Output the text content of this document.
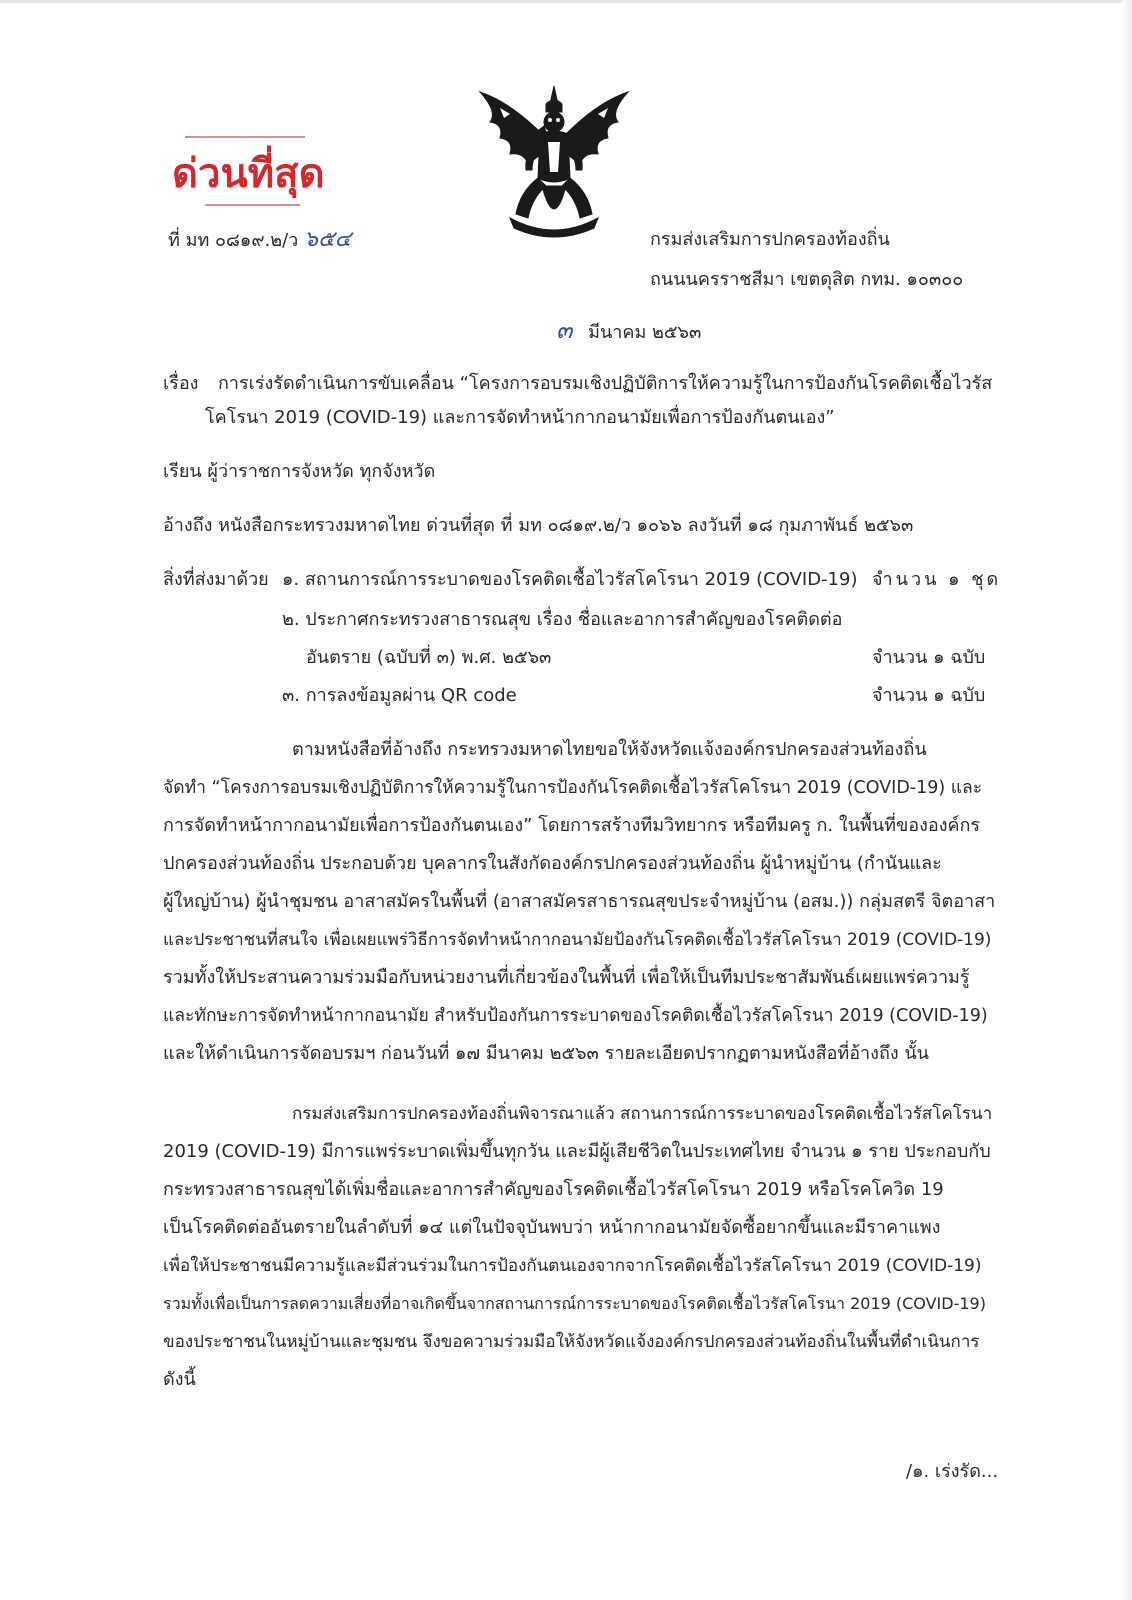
ด่วนที่สุด
ที่ มท ๐๘๑๙.๒/ว ๖๕๔	กรมส่งเสริมการปกครองท้องถิ่น
ถนนนครราชสีมา เขตดุสิต กทม. ๑๐๓๐๐
๓ มีนาคม ๒๕๖๓
เรื่อง การเร่งรัดดำเนินการขับเคลื่อน “โครงการอบรมเชิงปฏิบัติการให้ความรู้ในการป้องกันโรคติดเชื้อไวรัส
โคโรนา 2019 (COVID-19) และการจัดทำหน้ากากอนามัยเพื่อการป้องกันตนเอง”
เรียน ผู้ว่าราชการจังหวัด ทุกจังหวัด
อ้างถึง หนังสือกระทรวงมหาดไทย ด่วนที่สุด ที่ มท ๐๘๑๙.๒/ว ๑๐๖๖ ลงวันที่ ๑๘ กุมภาพันธ์ ๒๕๖๓
สิ่งที่ส่งมาด้วย ๑. สถานการณ์การระบาดของโรคติดเชื้อไวรัสโคโรนา 2019 (COVID-19) จำนวน ๑ ชุด
๒. ประกาศกระทรวงสาธารณสุข เรื่อง ชื่อและอาการสำคัญของโรคติดต่อ
อันตราย (ฉบับที่ ๓) พ.ศ. ๒๕๖๓	จำนวน ๑ ฉบับ
๓. การลงข้อมูลผ่าน QR code	จำนวน ๑ ฉบับ
ตามหนังสือที่อ้างถึง กระทรวงมหาดไทยขอให้จังหวัดแจ้งองค์กรปกครองส่วนท้องถิ่น
จัดทำ “โครงการอบรมเชิงปฏิบัติการให้ความรู้ในการป้องกันโรคติดเชื้อไวรัสโคโรนา 2019 (COVID-19) และ
การจัดทำหน้ากากอนามัยเพื่อการป้องกันตนเอง” โดยการสร้างทีมวิทยากร หรือทีมครู ก. ในพื้นที่ขององค์กร
ปกครองส่วนท้องถิ่น ประกอบด้วย บุคลากรในสังกัดองค์กรปกครองส่วนท้องถิ่น ผู้นำหมู่บ้าน (กำนันและ
ผู้ใหญ่บ้าน) ผู้นำชุมชน อาสาสมัครในพื้นที่ (อาสาสมัครสาธารณสุขประจำหมู่บ้าน (อสม.)) กลุ่มสตรี จิตอาสา
และประชาชนที่สนใจ เพื่อเผยแพร่วิธีการจัดทำหน้ากากอนามัยป้องกันโรคติดเชื้อไวรัสโคโรนา 2019 (COVID-19)
รวมทั้งให้ประสานความร่วมมือกับหน่วยงานที่เกี่ยวข้องในพื้นที่ เพื่อให้เป็นทีมประชาสัมพันธ์เผยแพร่ความรู้
และทักษะการจัดทำหน้ากากอนามัย สำหรับป้องกันการระบาดของโรคติดเชื้อไวรัสโคโรนา 2019 (COVID-19)
และให้ดำเนินการจัดอบรมฯ ก่อนวันที่ ๑๗ มีนาคม ๒๕๖๓ รายละเอียดปรากฏตามหนังสือที่อ้างถึง นั้น
กรมส่งเสริมการปกครองท้องถิ่นพิจารณาแล้ว สถานการณ์การระบาดของโรคติดเชื้อไวรัสโคโรนา
2019 (COVID-19) มีการแพร่ระบาดเพิ่มขึ้นทุกวัน และมีผู้เสียชีวิตในประเทศไทย จำนวน ๑ ราย ประกอบกับ
กระทรวงสาธารณสุขได้เพิ่มชื่อและอาการสำคัญของโรคติดเชื้อไวรัสโคโรนา 2019 หรือโรคโควิด 19
เป็นโรคติดต่ออันตรายในลำดับที่ ๑๔ แต่ในปัจจุบันพบว่า หน้ากากอนามัยจัดซื้อยากขึ้นและมีราคาแพง
เพื่อให้ประชาชนมีความรู้และมีส่วนร่วมในการป้องกันตนเองจากจากโรคติดเชื้อไวรัสโคโรนา 2019 (COVID-19)
รวมทั้งเพื่อเป็นการลดความเสี่ยงที่อาจเกิดขึ้นจากสถานการณ์การระบาดของโรคติดเชื้อไวรัสโคโรนา 2019 (COVID-19)
ของประชาชนในหมู่บ้านและชุมชน จึงขอความร่วมมือให้จังหวัดแจ้งองค์กรปกครองส่วนท้องถิ่นในพื้นที่ดำเนินการ
ดังนี้
/๑. เร่งรัด...
